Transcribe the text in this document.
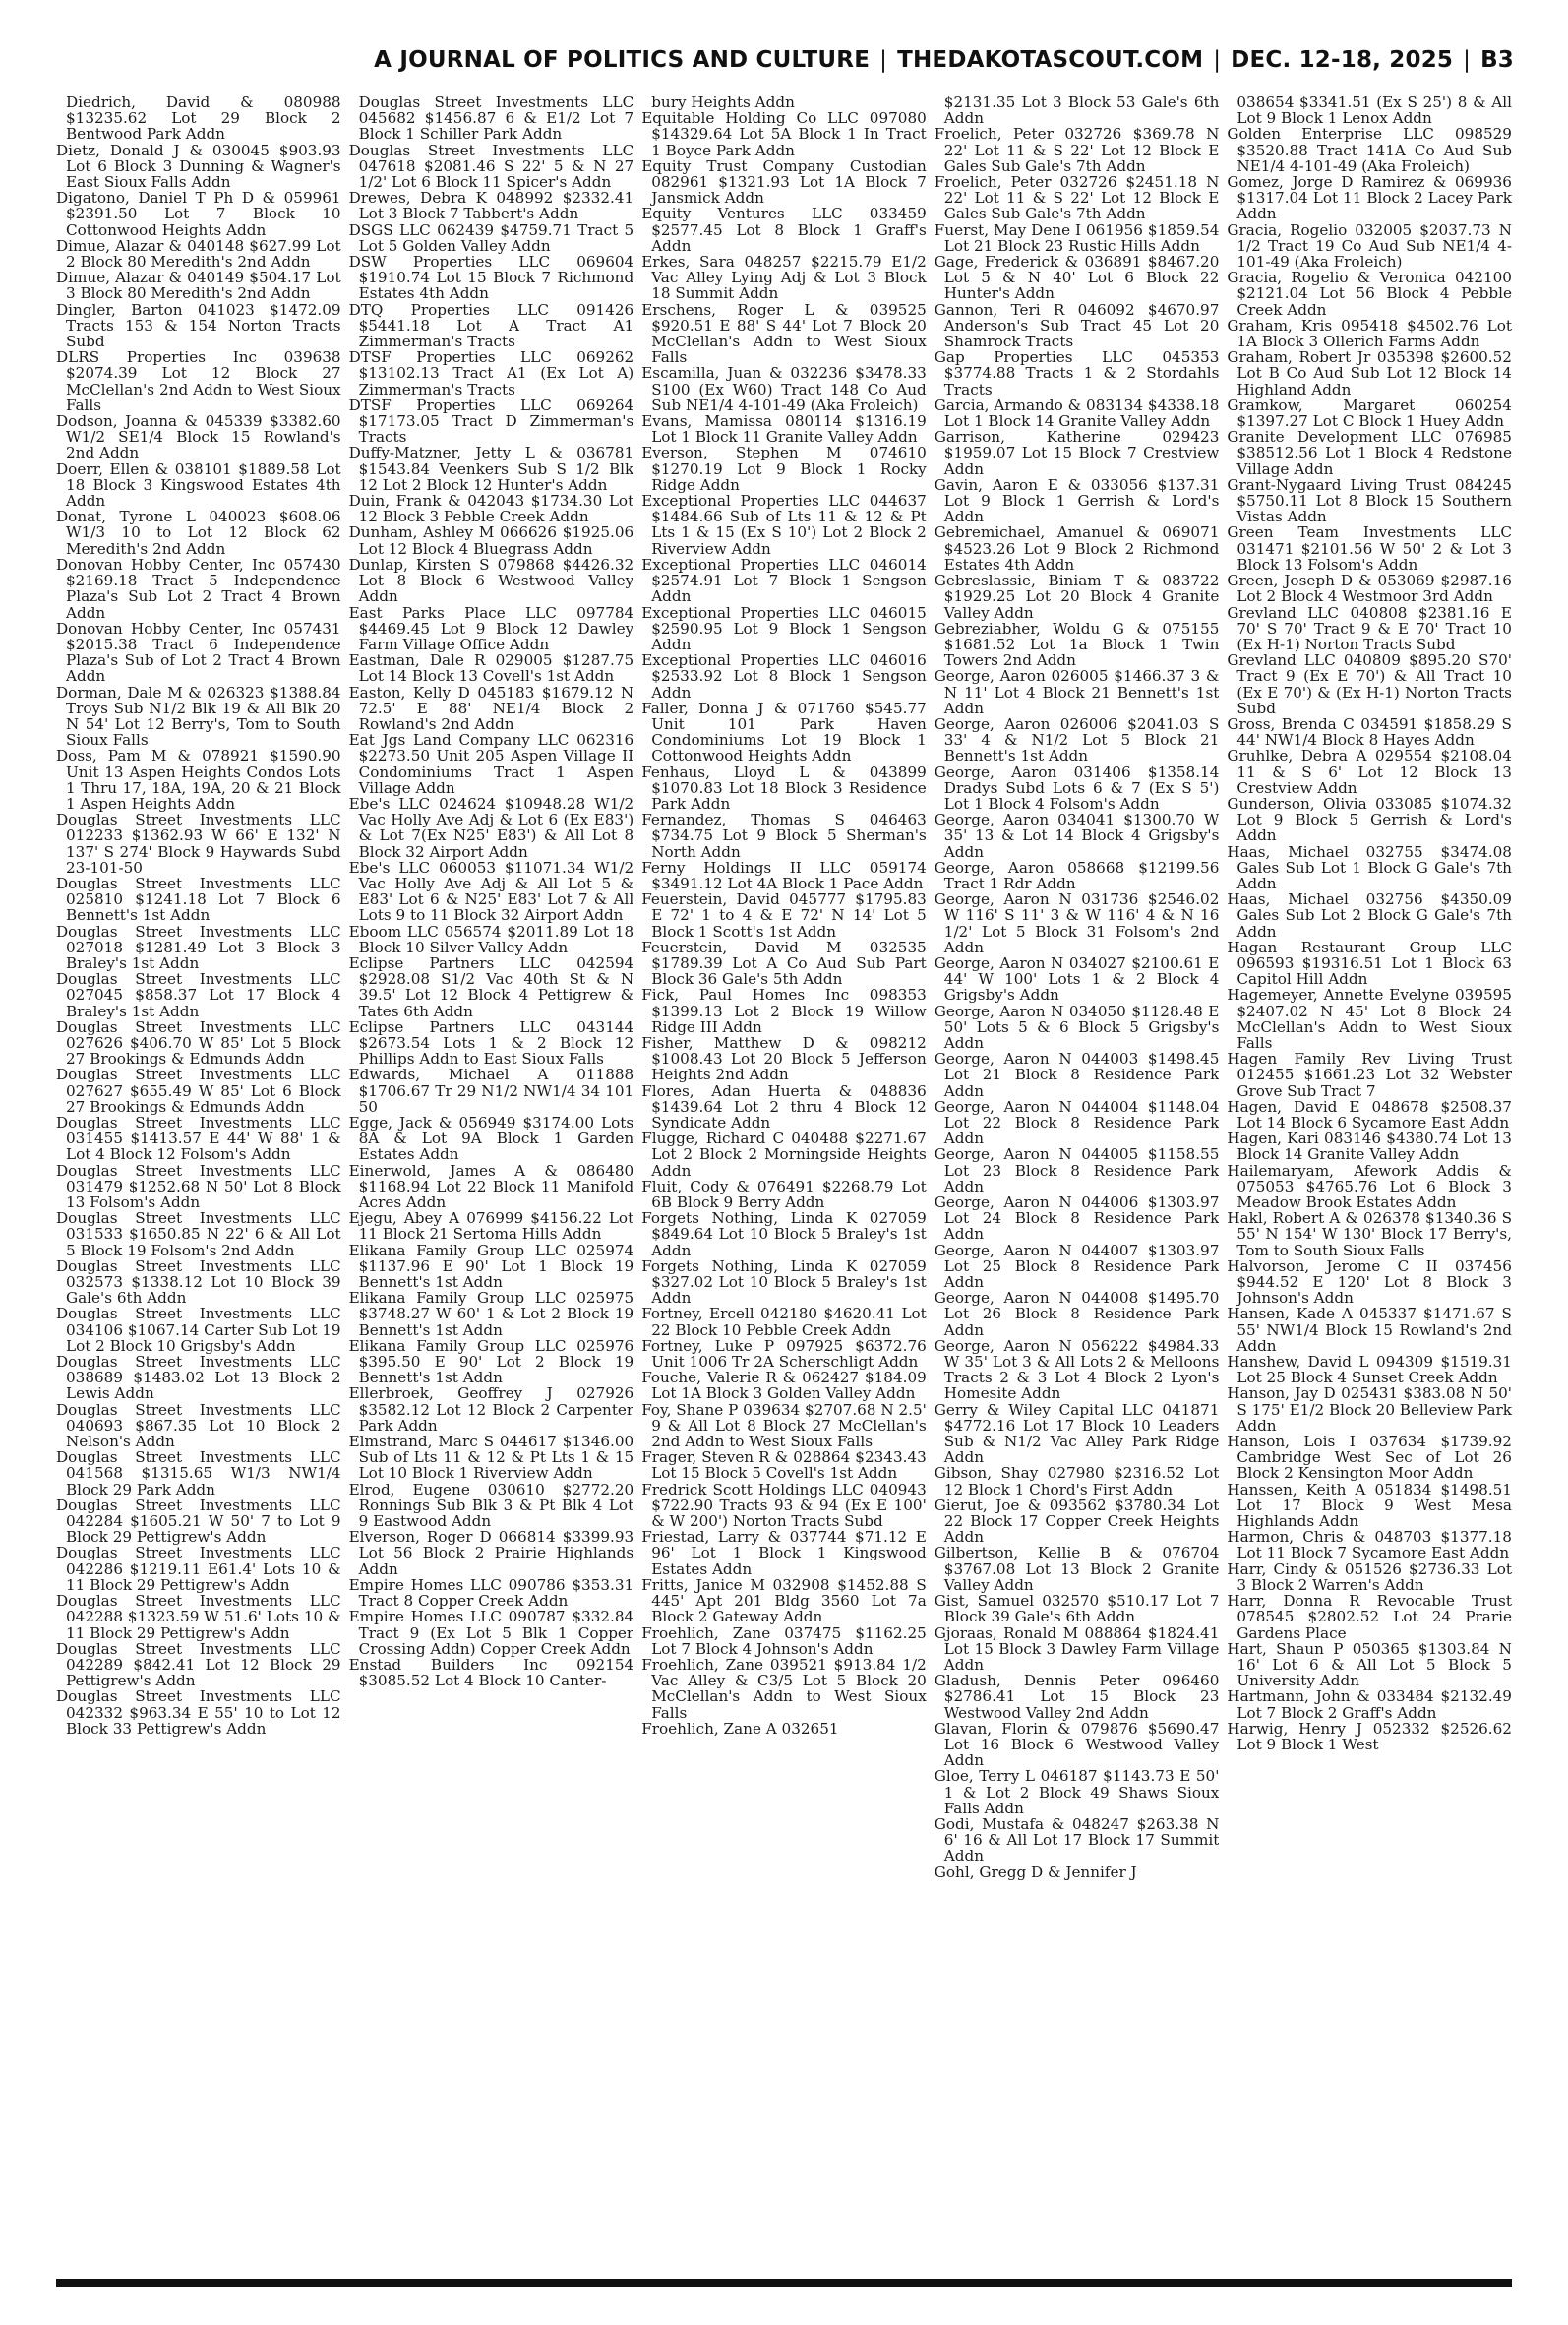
A JOURNAL OF POLITICS AND CULTURE | THEDAKOTASCOUT.COM | DEC. 12-18, 2025 | B3

Diedrich, David & 080988 $13235.62 Lot 29 Block 2 Bentwood Park Addn

Dietz, Donald J & 030045 $903.93 Lot 6 Block 3 Dunning & Wagner's East Sioux Falls Addn

Digatono, Daniel T Ph D & 059961 $2391.50 Lot 7 Block 10 Cottonwood Heights Addn

Dimue, Alazar & 040148 $627.99 Lot 2 Block 80 Meredith's 2nd Addn

Dimue, Alazar & 040149 $504.17 Lot 3 Block 80 Meredith's 2nd Addn

Dingler, Barton 041023 $1472.09 Tracts 153 & 154 Norton Tracts Subd

DLRS Properties Inc 039638 $2074.39 Lot 12 Block 27 McClellan's 2nd Addn to West Sioux Falls

Dodson, Joanna & 045339 $3382.60 W1/2 SE1/4 Block 15 Rowland's 2nd Addn

Doerr, Ellen & 038101 $1889.58 Lot 18 Block 3 Kingswood Estates 4th Addn

Donat, Tyrone L 040023 $608.06 W1/3 10 to Lot 12 Block 62 Meredith's 2nd Addn

Donovan Hobby Center, Inc 057430 $2169.18 Tract 5 Independence Plaza's Sub Lot 2 Tract 4 Brown Addn

Donovan Hobby Center, Inc 057431 $2015.38 Tract 6 Independence Plaza's Sub of Lot 2 Tract 4 Brown Addn

Dorman, Dale M & 026323 $1388.84 Troys Sub N1/2 Blk 19 & All Blk 20 N 54' Lot 12 Berry's, Tom to South Sioux Falls

Doss, Pam M & 078921 $1590.90 Unit 13 Aspen Heights Condos Lots 1 Thru 17, 18A, 19A, 20 & 21 Block 1 Aspen Heights Addn

Douglas Street Investments LLC 012233 $1362.93 W 66' E 132' N 137' S 274' Block 9 Haywards Subd 23-101-50

Douglas Street Investments LLC 025810 $1241.18 Lot 7 Block 6 Bennett's 1st Addn

Douglas Street Investments LLC 027018 $1281.49 Lot 3 Block 3 Braley's 1st Addn

Douglas Street Investments LLC 027045 $858.37 Lot 17 Block 4 Braley's 1st Addn

Douglas Street Investments LLC 027626 $406.70 W 85' Lot 5 Block 27 Brookings & Edmunds Addn

Douglas Street Investments LLC 027627 $655.49 W 85' Lot 6 Block 27 Brookings & Edmunds Addn

Douglas Street Investments LLC 031455 $1413.57 E 44' W 88' 1 & Lot 4 Block 12 Folsom's Addn

Douglas Street Investments LLC 031479 $1252.68 N 50' Lot 8 Block 13 Folsom's Addn

Douglas Street Investments LLC 031533 $1650.85 N 22' 6 & All Lot 5 Block 19 Folsom's 2nd Addn

Douglas Street Investments LLC 032573 $1338.12 Lot 10 Block 39 Gale's 6th Addn

Douglas Street Investments LLC 034106 $1067.14 Carter Sub Lot 19 Lot 2 Block 10 Grigsby's Addn

Douglas Street Investments LLC 038689 $1483.02 Lot 13 Block 2 Lewis Addn

Douglas Street Investments LLC 040693 $867.35 Lot 10 Block 2 Nelson's Addn

Douglas Street Investments LLC 041568 $1315.65 W1/3 NW1/4 Block 29 Park Addn

Douglas Street Investments LLC 042284 $1605.21 W 50' 7 to Lot 9 Block 29 Pettigrew's Addn

Douglas Street Investments LLC 042286 $1219.11 E61.4' Lots 10 & 11 Block 29 Pettigrew's Addn

Douglas Street Investments LLC 042288 $1323.59 W 51.6' Lots 10 & 11 Block 29 Pettigrew's Addn

Douglas Street Investments LLC 042289 $842.41 Lot 12 Block 29 Pettigrew's Addn

Douglas Street Investments LLC 042332 $963.34 E 55' 10 to Lot 12 Block 33 Pettigrew's Addn

Douglas Street Investments LLC 045682 $1456.87 6 & E1/2 Lot 7 Block 1 Schiller Park Addn

Douglas Street Investments LLC 047618 $2081.46 S 22' 5 & N 27 1/2' Lot 6 Block 11 Spicer's Addn

Drewes, Debra K 048992 $2332.41 Lot 3 Block 7 Tabbert's Addn

DSGS LLC 062439 $4759.71 Tract 5 Lot 5 Golden Valley Addn

DSW Properties LLC 069604 $1910.74 Lot 15 Block 7 Richmond Estates 4th Addn

DTQ Properties LLC 091426 $5441.18 Lot A Tract A1 Zimmerman's Tracts

DTSF Properties LLC 069262 $13102.13 Tract A1 (Ex Lot A) Zimmerman's Tracts

DTSF Properties LLC 069264 $17173.05 Tract D Zimmerman's Tracts

Duffy-Matzner, Jetty L & 036781 $1543.84 Veenkers Sub S 1/2 Blk 12 Lot 2 Block 12 Hunter's Addn

Duin, Frank & 042043 $1734.30 Lot 12 Block 3 Pebble Creek Addn

Dunham, Ashley M 066626 $1925.06 Lot 12 Block 4 Bluegrass Addn

Dunlap, Kirsten S 079868 $4426.32 Lot 8 Block 6 Westwood Valley Addn

East Parks Place LLC 097784 $4469.45 Lot 9 Block 12 Dawley Farm Village Office Addn

Eastman, Dale R 029005 $1287.75 Lot 14 Block 13 Covell's 1st Addn

Easton, Kelly D 045183 $1679.12 N 72.5' E 88' NE1/4 Block 2 Rowland's 2nd Addn

Eat Jgs Land Company LLC 062316 $2273.50 Unit 205 Aspen Village II Condominiums Tract 1 Aspen Village Addn

Ebe's LLC 024624 $10948.28 W1/2 Vac Holly Ave Adj & Lot 6 (Ex E83') & Lot 7(Ex N25' E83') & All Lot 8 Block 32 Airport Addn

Ebe's LLC 060053 $11071.34 W1/2 Vac Holly Ave Adj & All Lot 5 & E83' Lot 6 & N25' E83' Lot 7 & All Lots 9 to 11 Block 32 Airport Addn

Eboom LLC 056574 $2011.89 Lot 18 Block 10 Silver Valley Addn

Eclipse Partners LLC 042594 $2928.08 S1/2 Vac 40th St & N 39.5' Lot 12 Block 4 Pettigrew & Tates 6th Addn

Eclipse Partners LLC 043144 $2673.54 Lots 1 & 2 Block 12 Phillips Addn to East Sioux Falls

Edwards, Michael A 011888 $1706.67 Tr 29 N1/2 NW1/4 34 101 50

Egge, Jack & 056949 $3174.00 Lots 8A & Lot 9A Block 1 Garden Estates Addn

Einerwold, James A & 086480 $1168.94 Lot 22 Block 11 Manifold Acres Addn

Ejegu, Abey A 076999 $4156.22 Lot 11 Block 21 Sertoma Hills Addn

Elikana Family Group LLC 025974 $1137.96 E 90' Lot 1 Block 19 Bennett's 1st Addn

Elikana Family Group LLC 025975 $3748.27 W 60' 1 & Lot 2 Block 19 Bennett's 1st Addn

Elikana Family Group LLC 025976 $395.50 E 90' Lot 2 Block 19 Bennett's 1st Addn

Ellerbroek, Geoffrey J 027926 $3582.12 Lot 12 Block 2 Carpenter Park Addn

Elmstrand, Marc S 044617 $1346.00 Sub of Lts 11 & 12 & Pt Lts 1 & 15 Lot 10 Block 1 Riverview Addn

Elrod, Eugene 030610 $2772.20 Ronnings Sub Blk 3 & Pt Blk 4 Lot 9 Eastwood Addn

Elverson, Roger D 066814 $3399.93 Lot 56 Block 2 Prairie Highlands Addn

Empire Homes LLC 090786 $353.31 Tract 8 Copper Creek Addn

Empire Homes LLC 090787 $332.84 Tract 9 (Ex Lot 5 Blk 1 Copper Crossing Addn) Copper Creek Addn

Enstad Builders Inc 092154 $3085.52 Lot 4 Block 10 Canter-

bury Heights Addn

Equitable Holding Co LLC 097080 $14329.64 Lot 5A Block 1 In Tract 1 Boyce Park Addn

Equity Trust Company Custodian 082961 $1321.93 Lot 1A Block 7 Jansmick Addn

Equity Ventures LLC 033459 $2577.45 Lot 8 Block 1 Graff's Addn

Erkes, Sara 048257 $2215.79 E1/2 Vac Alley Lying Adj & Lot 3 Block 18 Summit Addn

Erschens, Roger L & 039525 $920.51 E 88' S 44' Lot 7 Block 20 McClellan's Addn to West Sioux Falls

Escamilla, Juan & 032236 $3478.33 S100 (Ex W60) Tract 148 Co Aud Sub NE1/4 4-101-49 (Aka Froleich)

Evans, Mamissa 080114 $1316.19 Lot 1 Block 11 Granite Valley Addn

Everson, Stephen M 074610 $1270.19 Lot 9 Block 1 Rocky Ridge Addn

Exceptional Properties LLC 044637 $1484.66 Sub of Lts 11 & 12 & Pt Lts 1 & 15 (Ex S 10') Lot 2 Block 2 Riverview Addn

Exceptional Properties LLC 046014 $2574.91 Lot 7 Block 1 Sengson Addn

Exceptional Properties LLC 046015 $2590.95 Lot 9 Block 1 Sengson Addn

Exceptional Properties LLC 046016 $2533.92 Lot 8 Block 1 Sengson Addn

Faller, Donna J & 071760 $545.77 Unit 101 Park Haven Condominiums Lot 19 Block 1 Cottonwood Heights Addn

Fenhaus, Lloyd L & 043899 $1070.83 Lot 18 Block 3 Residence Park Addn

Fernandez, Thomas S 046463 $734.75 Lot 9 Block 5 Sherman's North Addn

Ferny Holdings II LLC 059174 $3491.12 Lot 4A Block 1 Pace Addn

Feuerstein, David 045777 $1795.83 E 72' 1 to 4 & E 72' N 14' Lot 5 Block 1 Scott's 1st Addn

Feuerstein, David M 032535 $1789.39 Lot A Co Aud Sub Part Block 36 Gale's 5th Addn

Fick, Paul Homes Inc 098353 $1399.13 Lot 2 Block 19 Willow Ridge III Addn

Fisher, Matthew D & 098212 $1008.43 Lot 20 Block 5 Jefferson Heights 2nd Addn

Flores, Adan Huerta & 048836 $1439.64 Lot 2 thru 4 Block 12 Syndicate Addn

Flugge, Richard C 040488 $2271.67 Lot 2 Block 2 Morningside Heights Addn

Fluit, Cody & 076491 $2268.79 Lot 6B Block 9 Berry Addn

Forgets Nothing, Linda K 027059 $849.64 Lot 10 Block 5 Braley's 1st Addn

Forgets Nothing, Linda K 027059 $327.02 Lot 10 Block 5 Braley's 1st Addn

Fortney, Ercell 042180 $4620.41 Lot 22 Block 10 Pebble Creek Addn

Fortney, Luke P 097925 $6372.76 Unit 1006 Tr 2A Scherschligt Addn

Fouche, Valerie R & 062427 $184.09 Lot 1A Block 3 Golden Valley Addn

Foy, Shane P 039634 $2707.68 N 2.5' 9 & All Lot 8 Block 27 McClellan's 2nd Addn to West Sioux Falls

Frager, Steven R & 028864 $2343.43 Lot 15 Block 5 Covell's 1st Addn

Fredrick Scott Holdings LLC 040943 $722.90 Tracts 93 & 94 (Ex E 100' & W 200') Norton Tracts Subd

Friestad, Larry & 037744 $71.12 E 96' Lot 1 Block 1 Kingswood Estates Addn

Fritts, Janice M 032908 $1452.88 S 445' Apt 201 Bldg 3560 Lot 7a Block 2 Gateway Addn

Froehlich, Zane 037475 $1162.25 Lot 7 Block 4 Johnson's Addn

Froehlich, Zane 039521 $913.84 1/2 Vac Alley & C3/5 Lot 5 Block 20 McClellan's Addn to West Sioux Falls

Froehlich, Zane A 032651

$2131.35 Lot 3 Block 53 Gale's 6th Addn

Froelich, Peter 032726 $369.78 N 22' Lot 11 & S 22' Lot 12 Block E Gales Sub Gale's 7th Addn

Froelich, Peter 032726 $2451.18 N 22' Lot 11 & S 22' Lot 12 Block E Gales Sub Gale's 7th Addn

Fuerst, May Dene I 061956 $1859.54 Lot 21 Block 23 Rustic Hills Addn

Gage, Frederick & 036891 $8467.20 Lot 5 & N 40' Lot 6 Block 22 Hunter's Addn

Gannon, Teri R 046092 $4670.97 Anderson's Sub Tract 45 Lot 20 Shamrock Tracts

Gap Properties LLC 045353 $3774.88 Tracts 1 & 2 Stordahls Tracts

Garcia, Armando & 083134 $4338.18 Lot 1 Block 14 Granite Valley Addn

Garrison, Katherine 029423 $1959.07 Lot 15 Block 7 Crestview Addn

Gavin, Aaron E & 033056 $137.31 Lot 9 Block 1 Gerrish & Lord's Addn

Gebremichael, Amanuel & 069071 $4523.26 Lot 9 Block 2 Richmond Estates 4th Addn

Gebreslassie, Biniam T & 083722 $1929.25 Lot 20 Block 4 Granite Valley Addn

Gebreziabher, Woldu G & 075155 $1681.52 Lot 1a Block 1 Twin Towers 2nd Addn

George, Aaron 026005 $1466.37 3 & N 11' Lot 4 Block 21 Bennett's 1st Addn

George, Aaron 026006 $2041.03 S 33' 4 & N1/2 Lot 5 Block 21 Bennett's 1st Addn

George, Aaron 031406 $1358.14 Dradys Subd Lots 6 & 7 (Ex S 5') Lot 1 Block 4 Folsom's Addn

George, Aaron 034041 $1300.70 W 35' 13 & Lot 14 Block 4 Grigsby's Addn

George, Aaron 058668 $12199.56 Tract 1 Rdr Addn

George, Aaron N 031736 $2546.02 W 116' S 11' 3 & W 116' 4 & N 16 1/2' Lot 5 Block 31 Folsom's 2nd Addn

George, Aaron N 034027 $2100.61 E 44' W 100' Lots 1 & 2 Block 4 Grigsby's Addn

George, Aaron N 034050 $1128.48 E 50' Lots 5 & 6 Block 5 Grigsby's Addn

George, Aaron N 044003 $1498.45 Lot 21 Block 8 Residence Park Addn

George, Aaron N 044004 $1148.04 Lot 22 Block 8 Residence Park Addn

George, Aaron N 044005 $1158.55 Lot 23 Block 8 Residence Park Addn

George, Aaron N 044006 $1303.97 Lot 24 Block 8 Residence Park Addn

George, Aaron N 044007 $1303.97 Lot 25 Block 8 Residence Park Addn

George, Aaron N 044008 $1495.70 Lot 26 Block 8 Residence Park Addn

George, Aaron N 056222 $4984.33 W 35' Lot 3 & All Lots 2 & Melloons Tracts 2 & 3 Lot 4 Block 2 Lyon's Homesite Addn

Gerry & Wiley Capital LLC 041871 $4772.16 Lot 17 Block 10 Leaders Sub & N1/2 Vac Alley Park Ridge Addn

Gibson, Shay 027980 $2316.52 Lot 12 Block 1 Chord's First Addn

Gierut, Joe & 093562 $3780.34 Lot 22 Block 17 Copper Creek Heights Addn

Gilbertson, Kellie B & 076704 $3767.08 Lot 13 Block 2 Granite Valley Addn

Gist, Samuel 032570 $510.17 Lot 7 Block 39 Gale's 6th Addn

Gjoraas, Ronald M 088864 $1824.41 Lot 15 Block 3 Dawley Farm Village Addn

Gladush, Dennis Peter 096460 $2786.41 Lot 15 Block 23 Westwood Valley 2nd Addn

Glavan, Florin & 079876 $5690.47 Lot 16 Block 6 Westwood Valley Addn

Gloe, Terry L 046187 $1143.73 E 50' 1 & Lot 2 Block 49 Shaws Sioux Falls Addn

Godi, Mustafa & 048247 $263.38 N 6' 16 & All Lot 17 Block 17 Summit Addn

Gohl, Gregg D & Jennifer J

038654 $3341.51 (Ex S 25') 8 & All Lot 9 Block 1 Lenox Addn

Golden Enterprise LLC 098529 $3520.88 Tract 141A Co Aud Sub NE1/4 4-101-49 (Aka Froleich)

Gomez, Jorge D Ramirez & 069936 $1317.04 Lot 11 Block 2 Lacey Park Addn

Gracia, Rogelio 032005 $2037.73 N 1/2 Tract 19 Co Aud Sub NE1/4 4-101-49 (Aka Froleich)

Gracia, Rogelio & Veronica 042100 $2121.04 Lot 56 Block 4 Pebble Creek Addn

Graham, Kris 095418 $4502.76 Lot 1A Block 3 Ollerich Farms Addn

Graham, Robert Jr 035398 $2600.52 Lot B Co Aud Sub Lot 12 Block 14 Highland Addn

Gramkow, Margaret 060254 $1397.27 Lot C Block 1 Huey Addn

Granite Development LLC 076985 $38512.56 Lot 1 Block 4 Redstone Village Addn

Grant-Nygaard Living Trust 084245 $5750.11 Lot 8 Block 15 Southern Vistas Addn

Green Team Investments LLC 031471 $2101.56 W 50' 2 & Lot 3 Block 13 Folsom's Addn

Green, Joseph D & 053069 $2987.16 Lot 2 Block 4 Westmoor 3rd Addn

Grevland LLC 040808 $2381.16 E 70' S 70' Tract 9 & E 70' Tract 10 (Ex H-1) Norton Tracts Subd

Grevland LLC 040809 $895.20 S70' Tract 9 (Ex E 70') & All Tract 10 (Ex E 70') & (Ex H-1) Norton Tracts Subd

Gross, Brenda C 034591 $1858.29 S 44' NW1/4 Block 8 Hayes Addn

Gruhlke, Debra A 029554 $2108.04 11 & S 6' Lot 12 Block 13 Crestview Addn

Gunderson, Olivia 033085 $1074.32 Lot 9 Block 5 Gerrish & Lord's Addn

Haas, Michael 032755 $3474.08 Gales Sub Lot 1 Block G Gale's 7th Addn

Haas, Michael 032756 $4350.09 Gales Sub Lot 2 Block G Gale's 7th Addn

Hagan Restaurant Group LLC 096593 $19316.51 Lot 1 Block 63 Capitol Hill Addn

Hagemeyer, Annette Evelyne 039595 $2407.02 N 45' Lot 8 Block 24 McClellan's Addn to West Sioux Falls

Hagen Family Rev Living Trust 012455 $1661.23 Lot 32 Webster Grove Sub Tract 7

Hagen, David E 048678 $2508.37 Lot 14 Block 6 Sycamore East Addn

Hagen, Kari 083146 $4380.74 Lot 13 Block 14 Granite Valley Addn

Hailemaryam, Afework Addis & 075053 $4765.76 Lot 6 Block 3 Meadow Brook Estates Addn

Hakl, Robert A & 026378 $1340.36 S 55' N 154' W 130' Block 17 Berry's, Tom to South Sioux Falls

Halvorson, Jerome C II 037456 $944.52 E 120' Lot 8 Block 3 Johnson's Addn

Hansen, Kade A 045337 $1471.67 S 55' NW1/4 Block 15 Rowland's 2nd Addn

Hanshew, David L 094309 $1519.31 Lot 25 Block 4 Sunset Creek Addn

Hanson, Jay D 025431 $383.08 N 50' S 175' E1/2 Block 20 Belleview Park Addn

Hanson, Lois I 037634 $1739.92 Cambridge West Sec of Lot 26 Block 2 Kensington Moor Addn

Hanssen, Keith A 051834 $1498.51 Lot 17 Block 9 West Mesa Highlands Addn

Harmon, Chris & 048703 $1377.18 Lot 11 Block 7 Sycamore East Addn

Harr, Cindy & 051526 $2736.33 Lot 3 Block 2 Warren's Addn

Harr, Donna R Revocable Trust 078545 $2802.52 Lot 24 Prarie Gardens Place

Hart, Shaun P 050365 $1303.84 N 16' Lot 6 & All Lot 5 Block 5 University Addn

Hartmann, John & 033484 $2132.49 Lot 7 Block 2 Graff's Addn

Harwig, Henry J 052332 $2526.62 Lot 9 Block 1 West
